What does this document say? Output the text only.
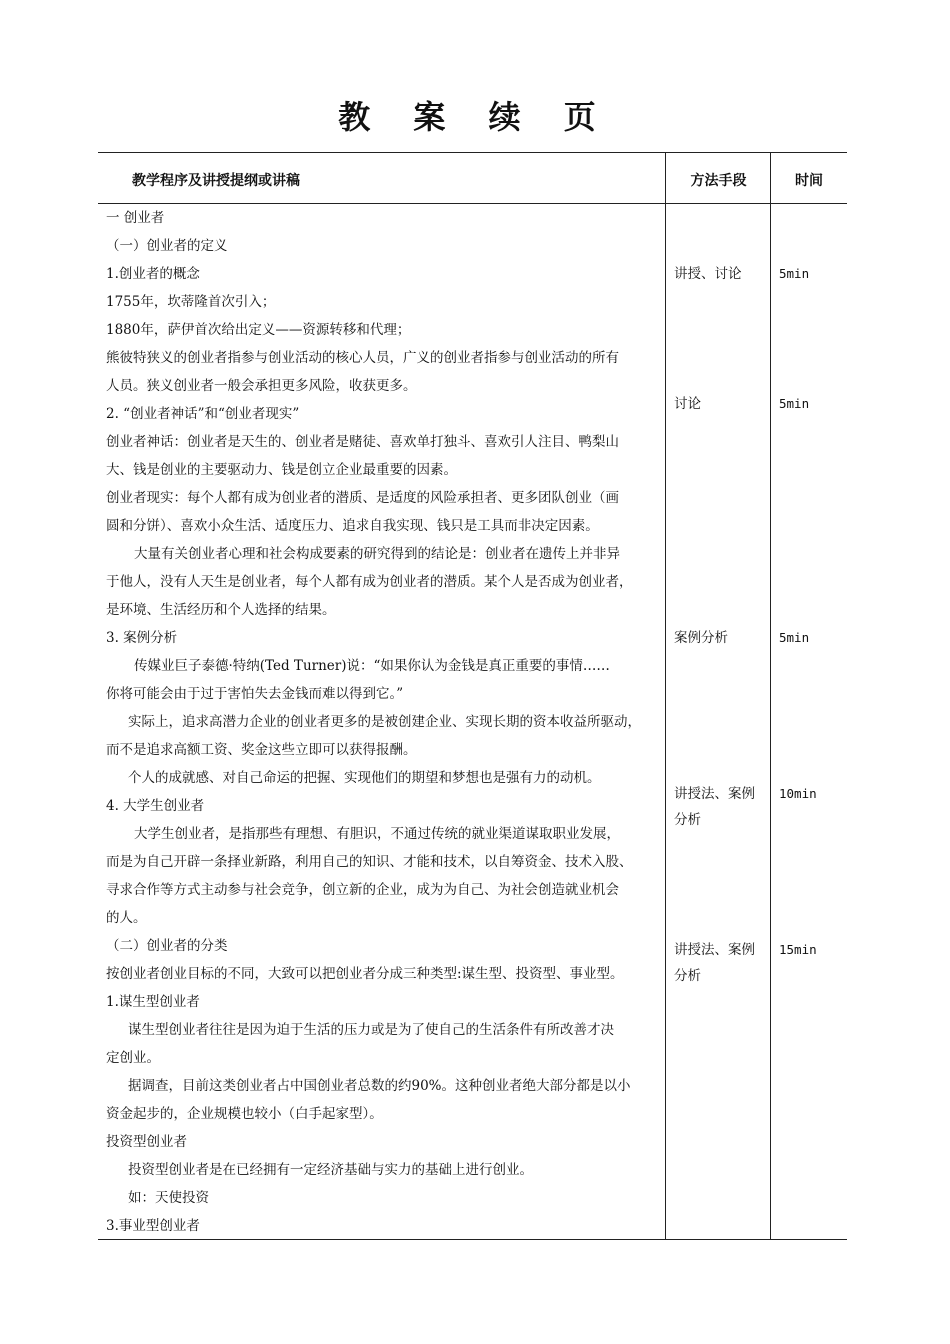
教 案 续 页
教学程序及讲授提纲或讲稿	方法手段	时间

一 创业者

（一）创业者的定义

1.创业者的概念

1755年，坎蒂隆首次引入；

1880年，萨伊首次给出定义——资源转移和代理；

熊彼特狭义的创业者指参与创业活动的核心人员，广义的创业者指参与创业活动的所有

人员。狭义创业者一般会承担更多风险，收获更多。

2. “创业者神话”和“创业者现实”

创业者神话：创业者是天生的、创业者是赌徒、喜欢单打独斗、喜欢引人注目、鸭梨山

大、钱是创业的主要驱动力、钱是创立企业最重要的因素。

创业者现实：每个人都有成为创业者的潜质、是适度的风险承担者、更多团队创业（画

圆和分饼）、喜欢小众生活、适度压力、追求自我实现、钱只是工具而非决定因素。

大量有关创业者心理和社会构成要素的研究得到的结论是：创业者在遗传上并非异

于他人，没有人天生是创业者，每个人都有成为创业者的潜质。某个人是否成为创业者，

是环境、生活经历和个人选择的结果。

3. 案例分析

传媒业巨子泰德·特纳(Ted Turner)说：“如果你认为金钱是真正重要的事情……

你将可能会由于过于害怕失去金钱而难以得到它。”

实际上，追求高潜力企业的创业者更多的是被创建企业、实现长期的资本收益所驱动，

而不是追求高额工资、奖金这些立即可以获得报酬。

个人的成就感、对自己命运的把握、实现他们的期望和梦想也是强有力的动机。

4. 大学生创业者

大学生创业者，是指那些有理想、有胆识，不通过传统的就业渠道谋取职业发展，

而是为自己开辟一条择业新路，利用自己的知识、才能和技术，以自筹资金、技术入股、

寻求合作等方式主动参与社会竞争，创立新的企业，成为为自己、为社会创造就业机会

的人。

（二）创业者的分类

按创业者创业目标的不同，大致可以把创业者分成三种类型:谋生型、投资型、事业型。

1.谋生型创业者

谋生型创业者往往是因为迫于生活的压力或是为了使自己的生活条件有所改善才决

定创业。

据调查，目前这类创业者占中国创业者总数的约90%。这种创业者绝大部分都是以小

资金起步的，企业规模也较小（白手起家型）。

投资型创业者

投资型创业者是在已经拥有一定经济基础与实力的基础上进行创业。

如：天使投资

3.事业型创业者

讲授、讨论
讨论
案例分析
讲授法、案例
分析
讲授法、案例
分析
5min
5min
5min
10min
15min
